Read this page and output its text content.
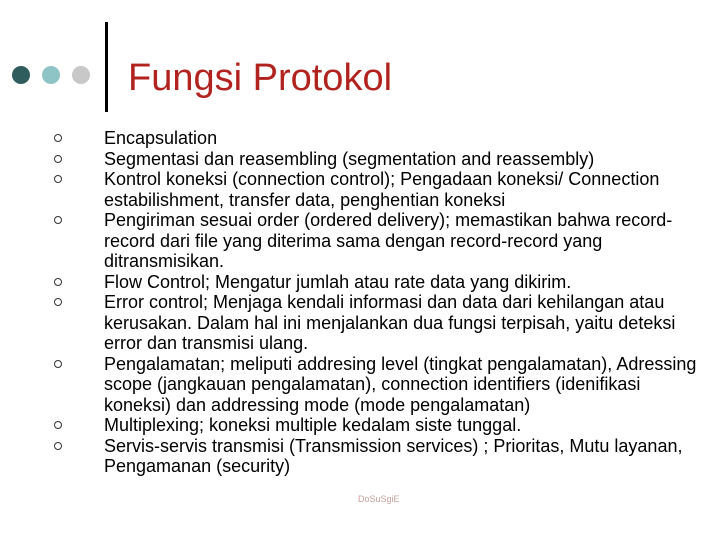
Fungsi Protokol
Encapsulation
Segmentasi dan reasembling (segmentation and reassembly)
Kontrol koneksi (connection control); Pengadaan koneksi/ Connection estabilishment, transfer data, penghentian koneksi
Pengiriman sesuai order (ordered delivery); memastikan bahwa record-record dari file yang diterima sama dengan record-record yang ditransmisikan.
Flow Control; Mengatur jumlah atau rate data yang dikirim.
Error control; Menjaga kendali informasi dan data dari kehilangan atau kerusakan. Dalam hal ini menjalankan dua fungsi terpisah, yaitu deteksi error dan transmisi ulang.
Pengalamatan; meliputi addresing level (tingkat pengalamatan), Adressing scope (jangkauan pengalamatan), connection identifiers (idenifikasi koneksi) dan addressing mode (mode pengalamatan)
Multiplexing; koneksi multiple kedalam siste tunggal.
Servis-servis transmisi (Transmission services) ; Prioritas, Mutu layanan, Pengamanan (security)
DoSuSgiE
